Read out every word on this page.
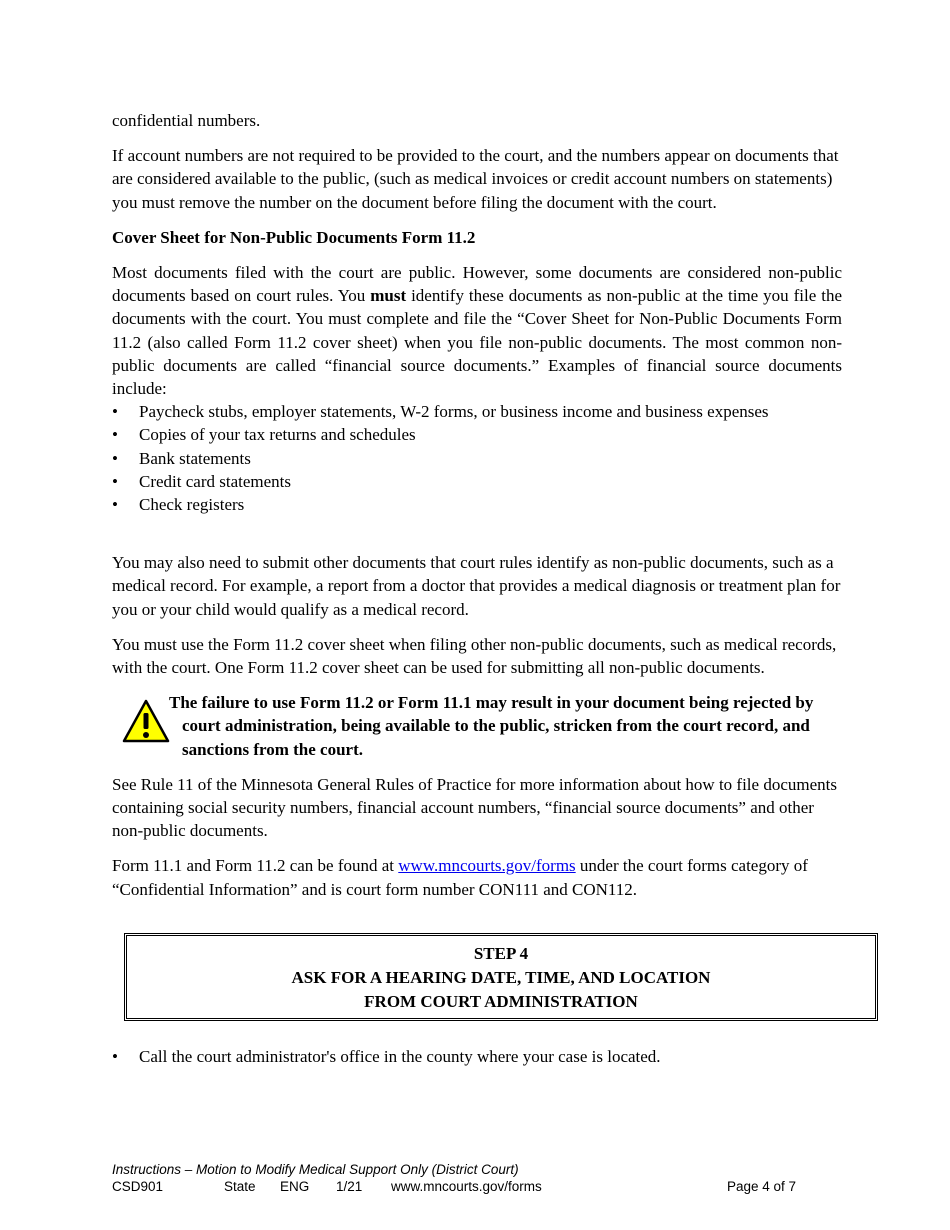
confidential numbers.

If account numbers are not required to be provided to the court, and the numbers appear on documents that are considered available to the public, (such as medical invoices or credit account numbers on statements) you must remove the number on the document before filing the document with the court.

Cover Sheet for Non-Public Documents Form 11.2

Most documents filed with the court are public. However, some documents are considered non-public documents based on court rules. You must identify these documents as non-public at the time you file the documents with the court. You must complete and file the “Cover Sheet for Non-Public Documents Form 11.2 (also called Form 11.2 cover sheet) when you file non-public documents. The most common non-public documents are called “financial source documents.” Examples of financial source documents include:

• Paycheck stubs, employer statements, W-2 forms, or business income and business expenses
• Copies of your tax returns and schedules
• Bank statements
• Credit card statements
• Check registers

You may also need to submit other documents that court rules identify as non-public documents, such as a medical record. For example, a report from a doctor that provides a medical diagnosis or treatment plan for you or your child would qualify as a medical record.

You must use the Form 11.2 cover sheet when filing other non-public documents, such as medical records, with the court. One Form 11.2 cover sheet can be used for submitting all non-public documents.

The failure to use Form 11.2 or Form 11.1 may result in your document being rejected by court administration, being available to the public, stricken from the court record, and sanctions from the court.

See Rule 11 of the Minnesota General Rules of Practice for more information about how to file documents containing social security numbers, financial account numbers, “financial source documents” and other non-public documents.

Form 11.1 and Form 11.2 can be found at www.mncourts.gov/forms under the court forms category of “Confidential Information” and is court form number CON111 and CON112.

STEP 4
ASK FOR A HEARING DATE, TIME, AND LOCATION
FROM COURT ADMINISTRATION
• Call the court administrator's office in the county where your case is located.
Instructions – Motion to Modify Medical Support Only (District Court)
CSD901	State ENG 1/21 www.mncourts.gov/forms	Page 4 of 7
